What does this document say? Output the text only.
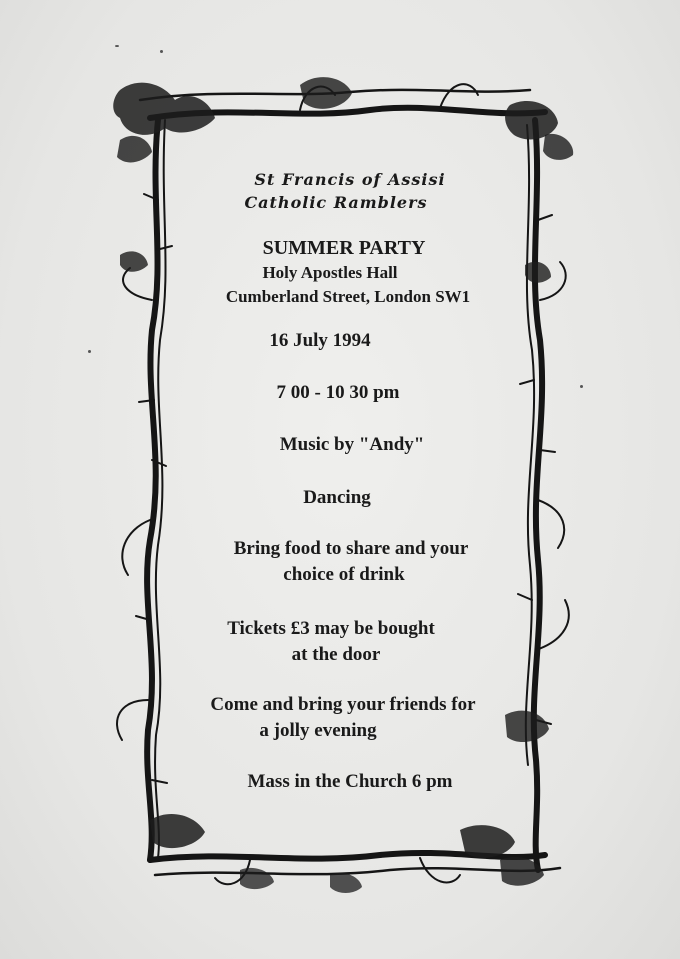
St Francis of Assisi
Catholic Ramblers
SUMMER PARTY
Holy Apostles Hall
Cumberland Street, London SW1
16 July 1994
7 00 - 10 30 pm
Music by "Andy"
Dancing
Bring food to share and your
choice of drink
Tickets £3 may be bought
at the door
Come and bring your friends for
a jolly evening
Mass in the Church 6 pm
